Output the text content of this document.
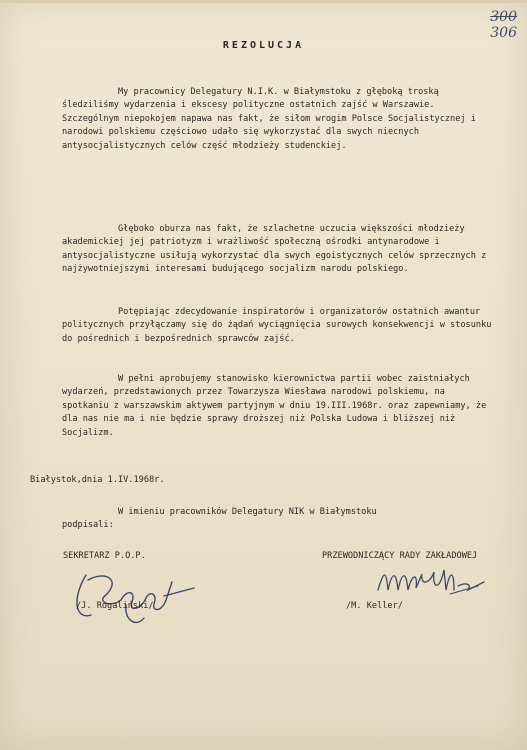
300
306
REZOLUCJA

My pracownicy Delegatury N.I.K. w Białymstoku z głęboką troską śledziliśmy wydarzenia i ekscesy polityczne ostatnich zajść w Warszawie. Szczególnym niepokojem napawa nas fakt, że siłom wrogim Polsce Socjalistycznej i narodowi polskiemu częściowo udało się wykorzystać dla swych niecnych antysocjalistycznych celów część młodzieży studenckiej.

Głęboko oburza nas fakt, że szlachetne uczucia większości młodzieży akademickiej jej patriotyzm i wrażliwość społeczną ośrodki antynarodowe i antysocjalistyczne usiłują wykorzystać dla swych egoistycznych celów sprzecznych z najżywotniejszymi interesami budującego socjalizm narodu polskiego.

Potępiając zdecydowanie inspiratorów i organizatorów ostatnich awantur politycznych przyłączamy się do żądań wyciągnięcia surowych konsekwencji w stosunku do pośrednich i bezpośrednich sprawców zajść.

W pełni aprobujemy stanowisko kierownictwa partii wobec zaistniałych wydarzeń, przedstawionych przez Towarzysza Wiesława narodowi polskiemu, na spotkaniu z warszawskim aktywem partyjnym w dniu 19.III.1968r. oraz zapewniamy, że dla nas nie ma i nie będzie sprawy droższej niż Polska Ludowa i bliższej niż Socjalizm.

Białystok,dnia 1.IV.1968r.
W imieniu pracowników Delegatury NIK w Białymstoku
podpisali:
SEKRETARZ P.O.P.	PRZEWODNICZĄCY RADY ZAKŁADOWEJ
/J. Rogaliński/	/M. Keller/
